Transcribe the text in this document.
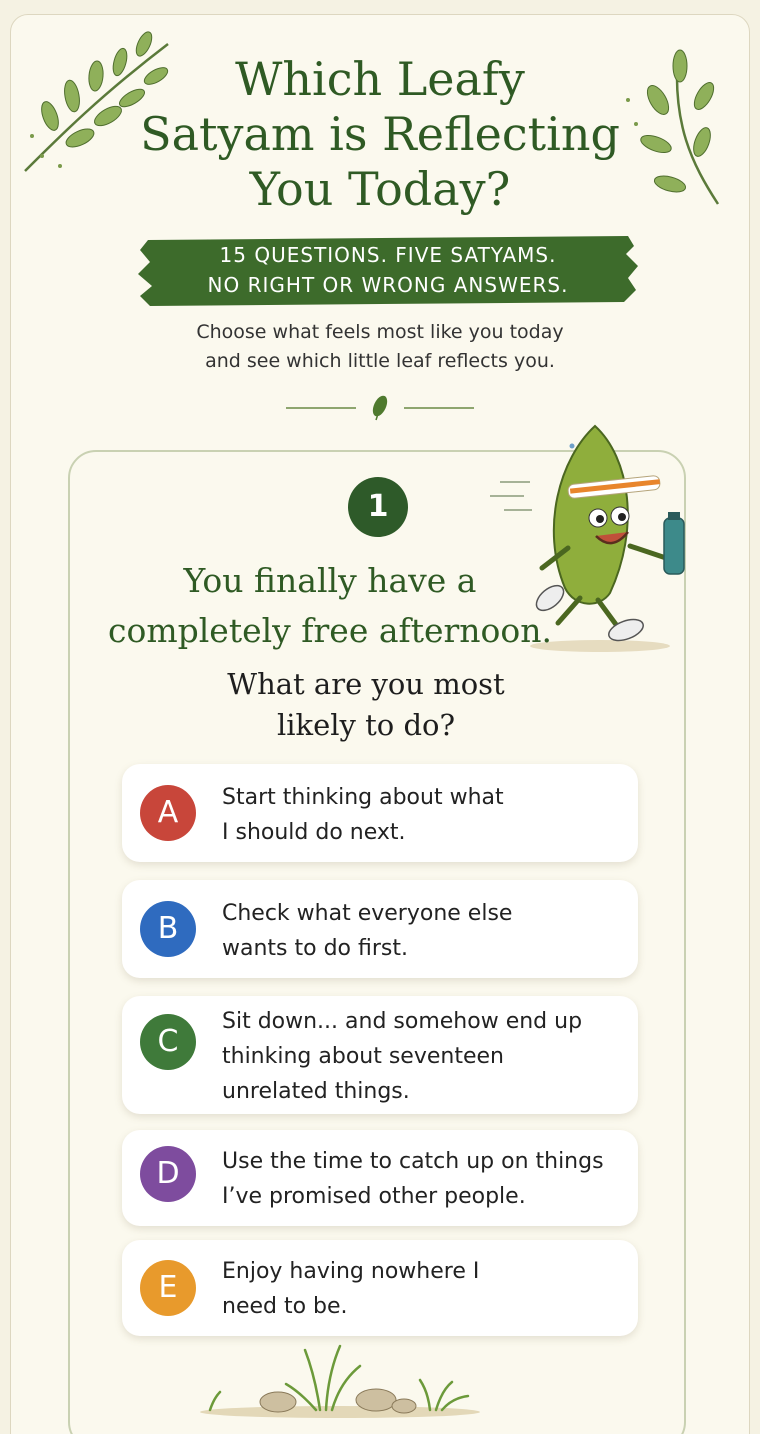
Which Leafy
Satyam is Reflecting
You Today?
15 QUESTIONS. FIVE SATYAMS.
NO RIGHT OR WRONG ANSWERS.
Choose what feels most like you today
and see which little leaf reflects you.
1
You finally have a
completely free afternoon.
What are you most
likely to do?
A	Start thinking about what
I should do next.
B	Check what everyone else
wants to do first.
C
Sit down... and somehow end up
thinking about seventeen
unrelated things.
D	Use the time to catch up on things
I’ve promised other people.
E	Enjoy having nowhere I
need to be.
